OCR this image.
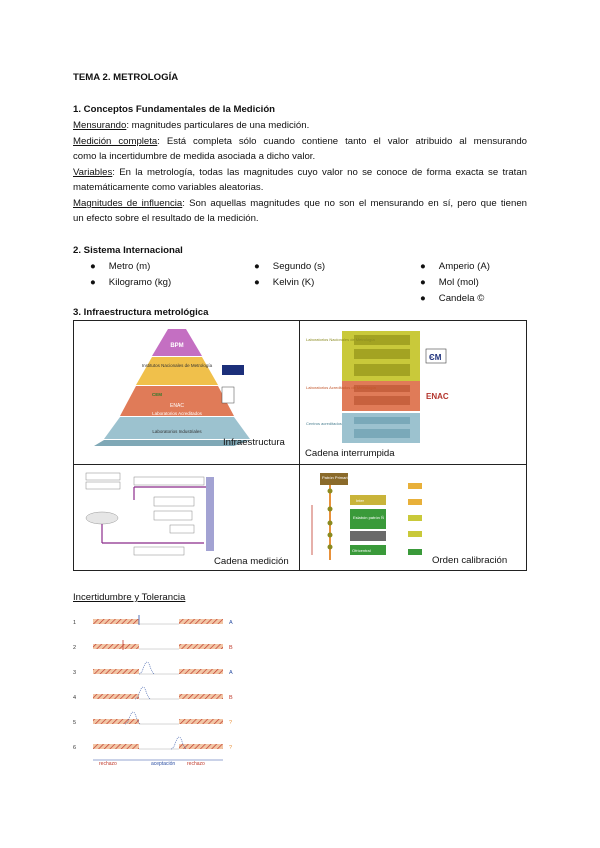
TEMA 2. METROLOGÍA
1. Conceptos Fundamentales de la Medición
Mensurando: magnitudes particulares de una medición.
Medición completa: Está completa sólo cuando contiene tanto el valor atribuido al mensurando
como la incertidumbre de medida asociada a dicho valor.
Variables: En la metrología, todas las magnitudes cuyo valor no se conoce de forma exacta se tratan
matemáticamente como variables aleatorias.
Magnitudes de influencia: Son aquellas magnitudes que no son el mensurando en sí, pero que tienen
un efecto sobre el resultado de la medición.
2. Sistema Internacional
● Metro (m)
● Kilogramo (kg)
● Segundo (s)
● Kelvin (K)
● Amperio (A)
● Mol (mol)
● Candela ©
3. Infraestructura metrológica
BPM
Institutos Nacionales de Metrología
CEM
ENAC
Laboratorios Acreditados
Laboratorios Industriales
Infraestructura
Laboratorios Nacionales de Metrología
Laboratorios Acreditados de Metrología
Centros acreditados
ЄM
ENAC
Cadena interrumpida
Cadena medición
Patrón Primario
Inter
Eslabón patrón Ñ
Ofrícentral
Orden calibración
Incertidumbre y Tolerancia
1	A
2	B
3	A
4	B
5	?
6	?
rechazo	aceptación rechazo
